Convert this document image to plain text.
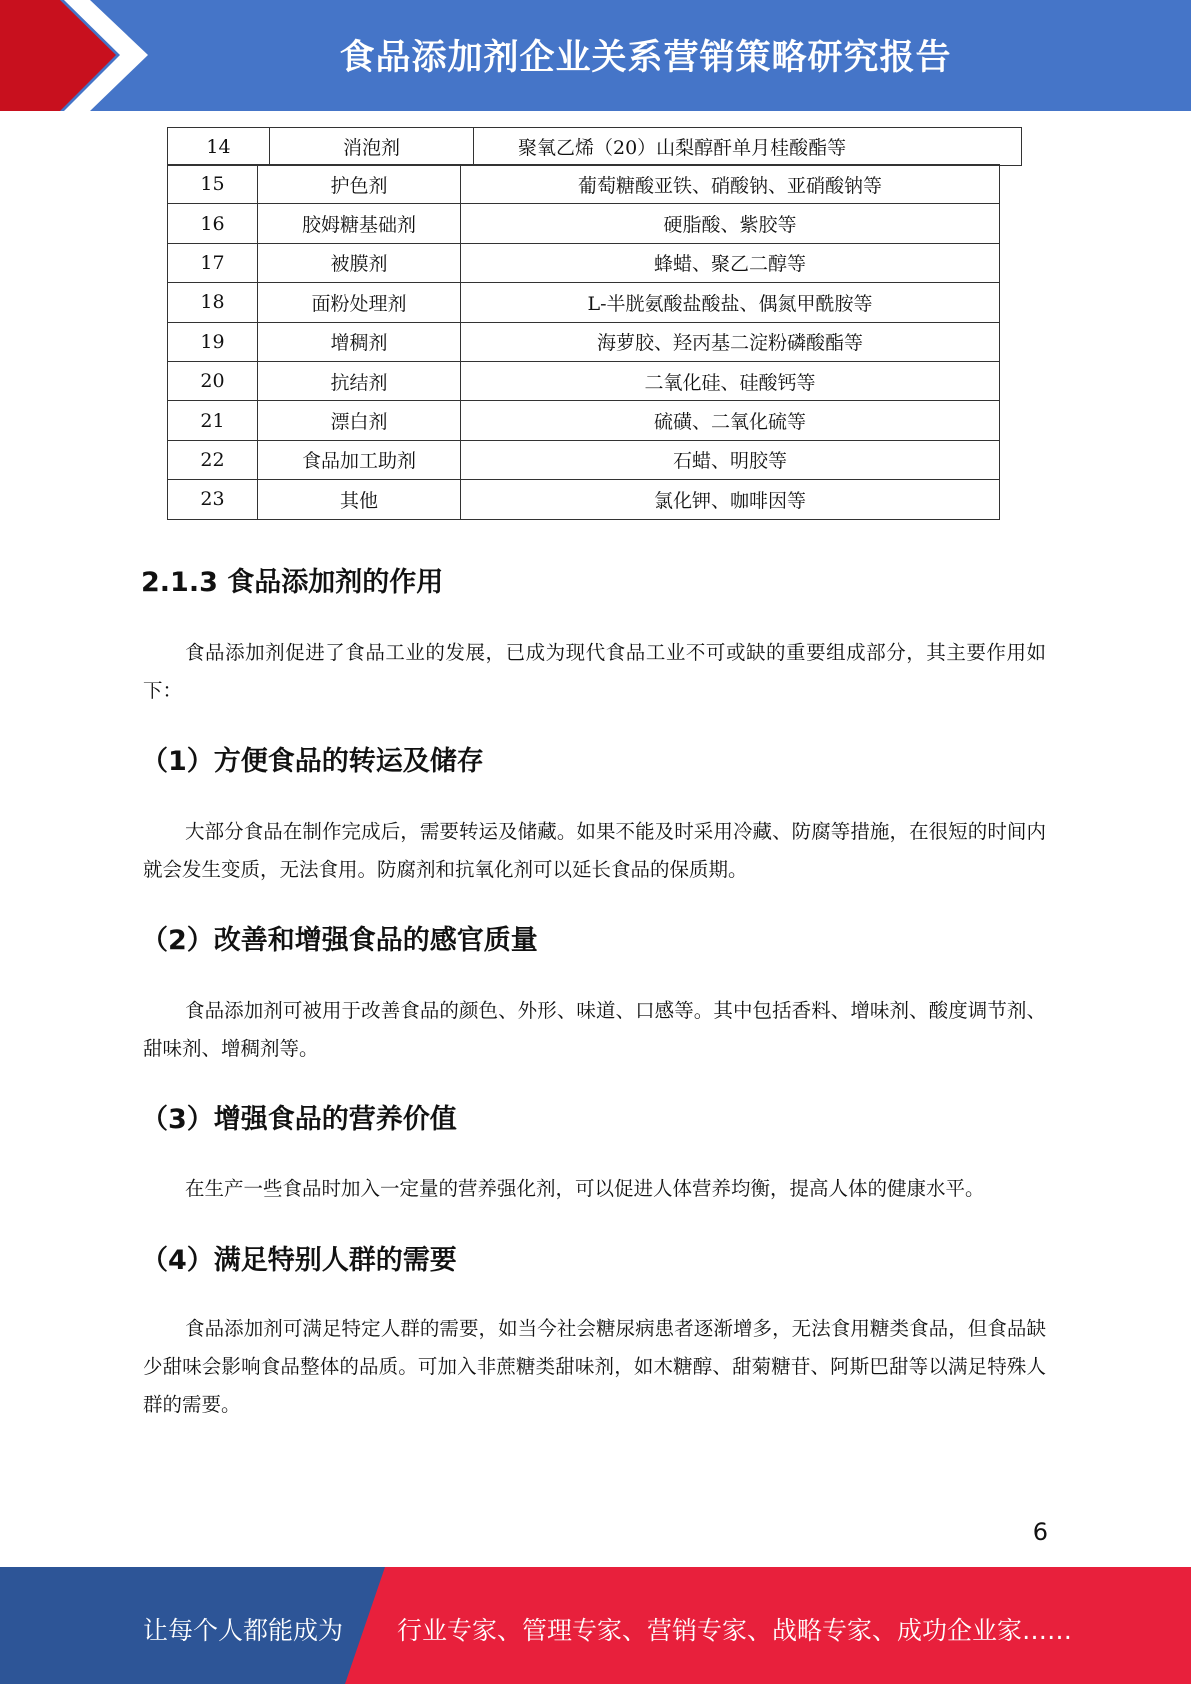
食品添加剂企业关系营销策略研究报告
14	消泡剂	聚氧乙烯（20）山梨醇酐单月桂酸酯等
15	护色剂	葡萄糖酸亚铁、硝酸钠、亚硝酸钠等
16	胶姆糖基础剂	硬脂酸、紫胶等
17	被膜剂	蜂蜡、聚乙二醇等
18	面粉处理剂	L-半胱氨酸盐酸盐、偶氮甲酰胺等
19	增稠剂	海萝胶、羟丙基二淀粉磷酸酯等
20	抗结剂	二氧化硅、硅酸钙等
21	漂白剂	硫磺、二氧化硫等
22	食品加工助剂	石蜡、明胶等
23	其他	氯化钾、咖啡因等
2.1.3 食品添加剂的作用

食品添加剂促进了食品工业的发展，已成为现代食品工业不可或缺的重要组成部分，其主要作用如下：

（1）方便食品的转运及储存

大部分食品在制作完成后，需要转运及储藏。如果不能及时采用冷藏、防腐等措施，在很短的时间内就会发生变质，无法食用。防腐剂和抗氧化剂可以延长食品的保质期。

（2）改善和增强食品的感官质量

食品添加剂可被用于改善食品的颜色、外形、味道、口感等。其中包括香料、增味剂、酸度调节剂、甜味剂、增稠剂等。

（3）增强食品的营养价值

在生产一些食品时加入一定量的营养强化剂，可以促进人体营养均衡，提高人体的健康水平。

（4）满足特别人群的需要

食品添加剂可满足特定人群的需要，如当今社会糖尿病患者逐渐增多，无法食用糖类食品，但食品缺少甜味会影响食品整体的品质。可加入非蔗糖类甜味剂，如木糖醇、甜菊糖苷、阿斯巴甜等以满足特殊人群的需要。

6
让每个人都能成为 行业专家、管理专家、营销专家、战略专家、成功企业家……
